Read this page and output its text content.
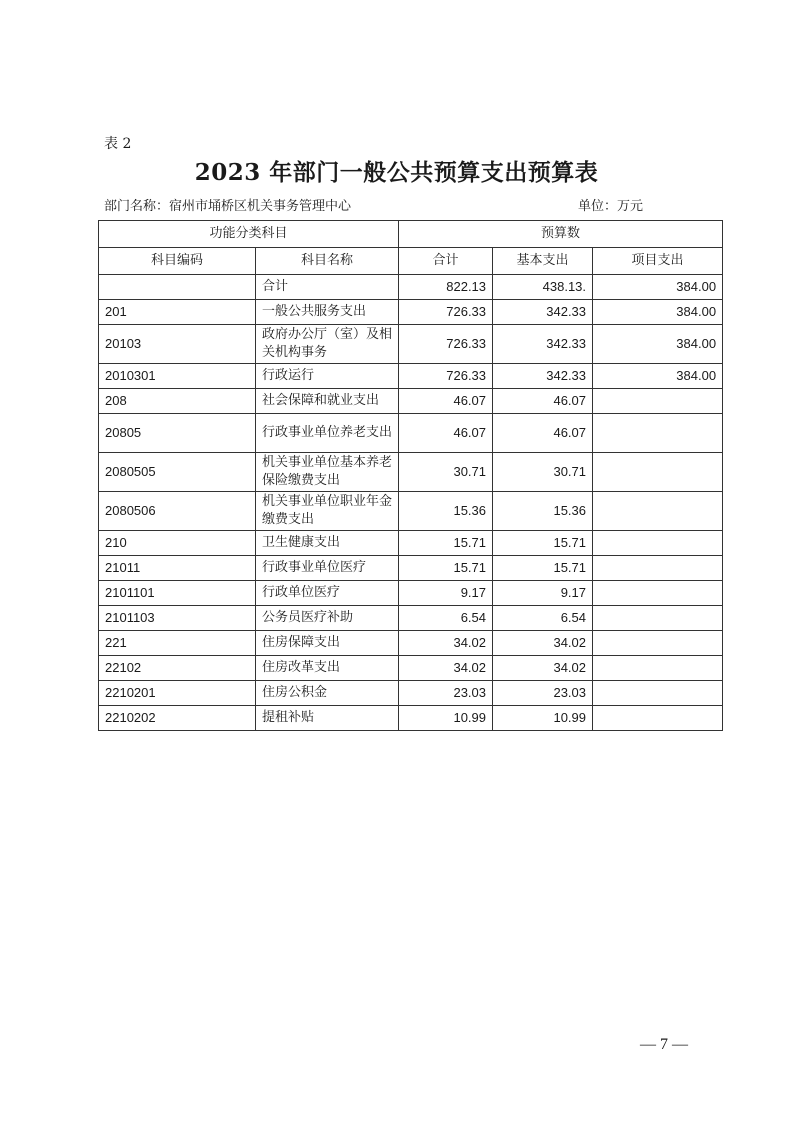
表 2
2023 年部门一般公共预算支出预算表
部门名称：宿州市埇桥区机关事务管理中心	单位：万元
功能分类科目		预算数		
科目编码	科目名称	合计	基本支出	项目支出
	合计	822.13	438.13.	384.00
201	一般公共服务支出	726.33	342.33	384.00
20103	政府办公厅（室）及相关机构事务	726.33	342.33	384.00
2010301	行政运行	726.33	342.33	384.00
208	社会保障和就业支出	46.07	46.07	
20805	行政事业单位养老支出	46.07	46.07	
2080505	机关事业单位基本养老保险缴费支出	30.71	30.71	
2080506	机关事业单位职业年金缴费支出	15.36	15.36	
210	卫生健康支出	15.71	15.71	
21011	行政事业单位医疗	15.71	15.71	
2101101	行政单位医疗	9.17	9.17	
2101103	公务员医疗补助	6.54	6.54	
221	住房保障支出	34.02	34.02	
22102	住房改革支出	34.02	34.02	
2210201	住房公积金	23.03	23.03	
2210202	提租补贴	10.99	10.99	
— 7 —
